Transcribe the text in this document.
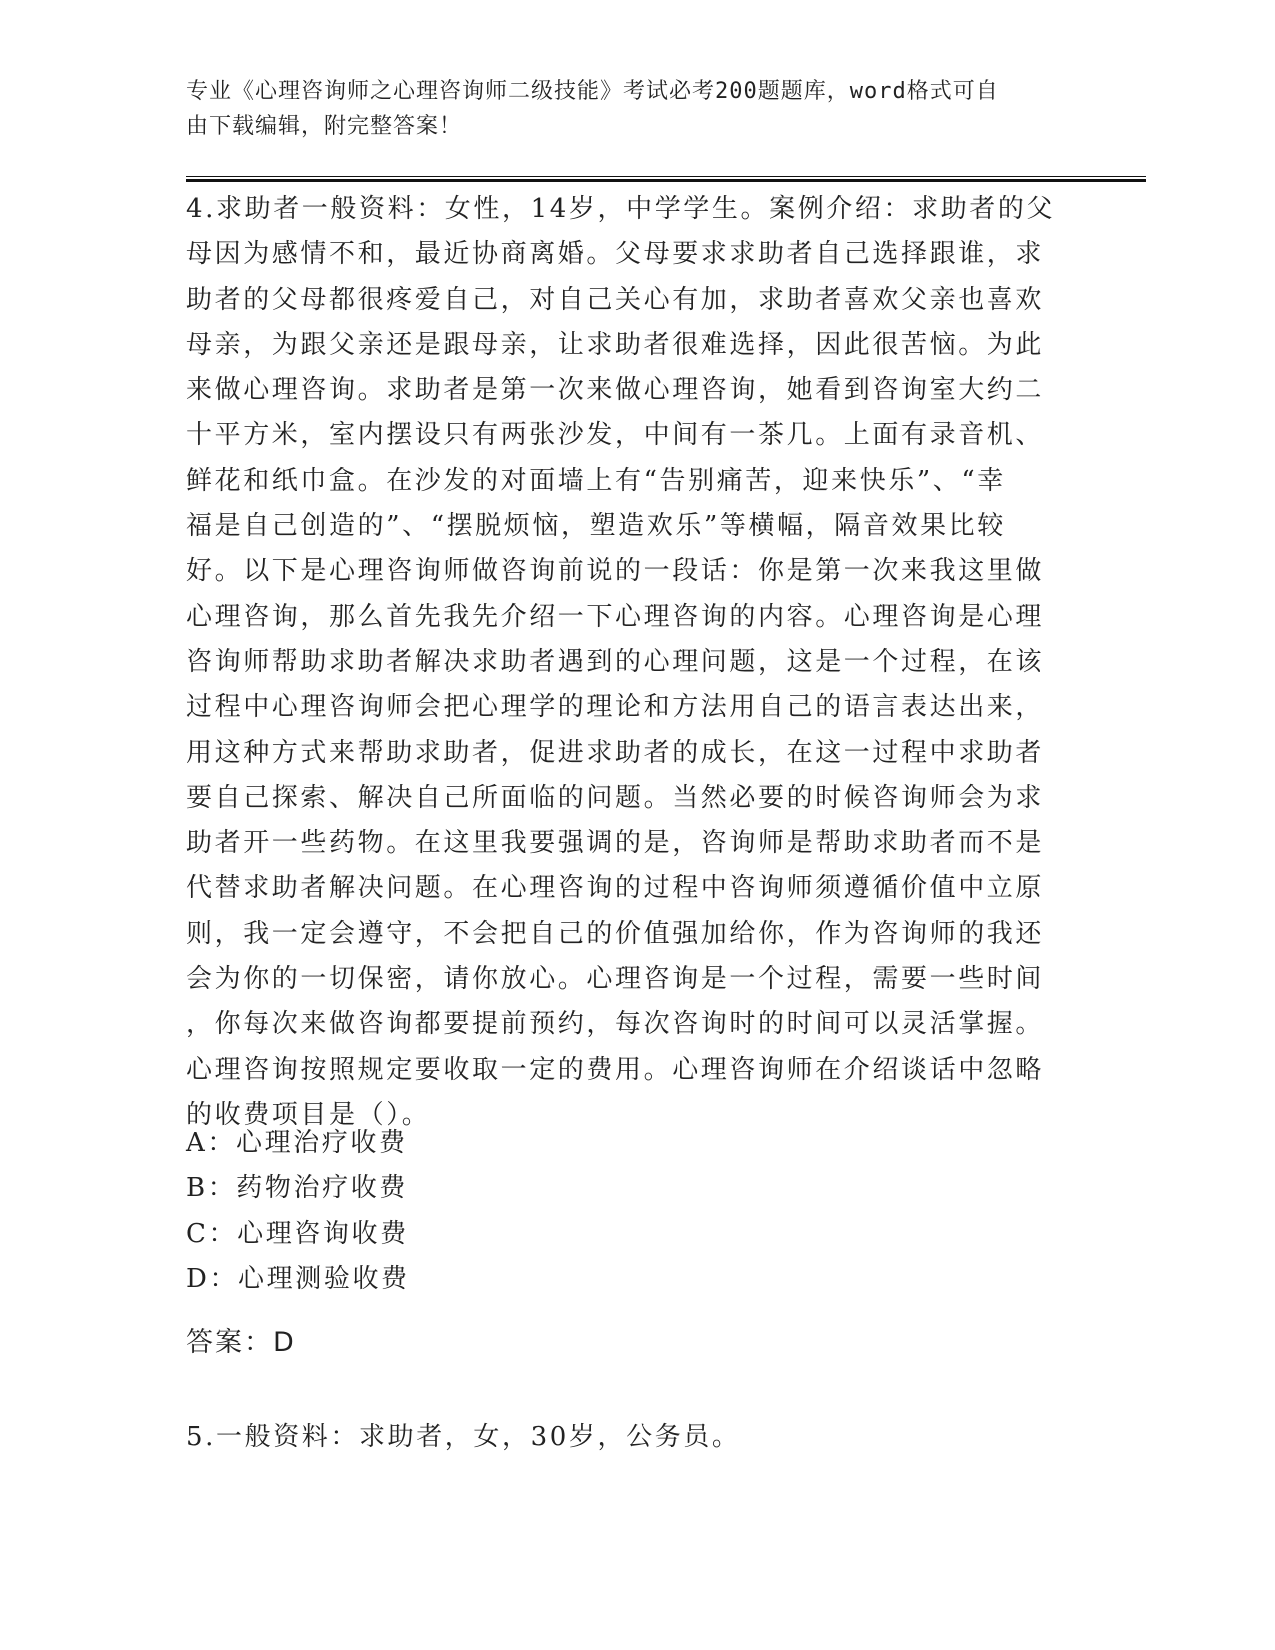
专业《心理咨询师之心理咨询师二级技能》考试必考200题题库，word格式可自
由下载编辑，附完整答案！
4.求助者一般资料：女性，14岁，中学学生。案例介绍：求助者的父
母因为感情不和，最近协商离婚。父母要求求助者自己选择跟谁，求
助者的父母都很疼爱自己，对自己关心有加，求助者喜欢父亲也喜欢
母亲，为跟父亲还是跟母亲，让求助者很难选择，因此很苦恼。为此
来做心理咨询。求助者是第一次来做心理咨询，她看到咨询室大约二
十平方米，室内摆设只有两张沙发，中间有一茶几。上面有录音机、
鲜花和纸巾盒。在沙发的对面墙上有“告别痛苦，迎来快乐”、“幸
福是自己创造的”、“摆脱烦恼，塑造欢乐”等横幅，隔音效果比较
好。以下是心理咨询师做咨询前说的一段话：你是第一次来我这里做
心理咨询，那么首先我先介绍一下心理咨询的内容。心理咨询是心理
咨询师帮助求助者解决求助者遇到的心理问题，这是一个过程，在该
过程中心理咨询师会把心理学的理论和方法用自己的语言表达出来，
用这种方式来帮助求助者，促进求助者的成长，在这一过程中求助者
要自己探索、解决自己所面临的问题。当然必要的时候咨询师会为求
助者开一些药物。在这里我要强调的是，咨询师是帮助求助者而不是
代替求助者解决问题。在心理咨询的过程中咨询师须遵循价值中立原
则，我一定会遵守，不会把自己的价值强加给你，作为咨询师的我还
会为你的一切保密，请你放心。心理咨询是一个过程，需要一些时间
，你每次来做咨询都要提前预约，每次咨询时的时间可以灵活掌握。
心理咨询按照规定要收取一定的费用。心理咨询师在介绍谈话中忽略
的收费项目是（）。
A：心理治疗收费
B：药物治疗收费
C：心理咨询收费
D：心理测验收费
答案：D
5.一般资料：求助者，女，30岁，公务员。
